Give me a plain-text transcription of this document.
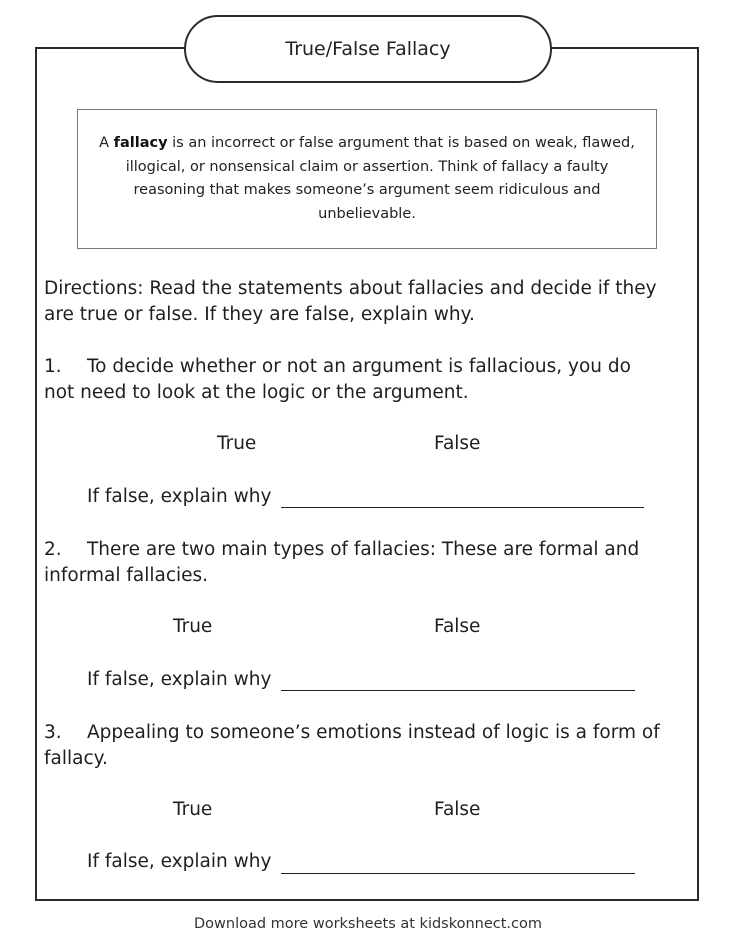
True/False Fallacy
A fallacy is an incorrect or false argument that is based on weak, flawed,
illogical, or nonsensical claim or assertion. Think of fallacy a faulty
reasoning that makes someone’s argument seem ridiculous and
unbelievable.
Directions: Read the statements about fallacies and decide if they
are true or false. If they are false, explain why.
1. To decide whether or not an argument is fallacious, you do
not need to look at the logic or the argument.
True	False
If false, explain why
2. There are two main types of fallacies: These are formal and
informal fallacies.
True	False
If false, explain why
3. Appealing to someone’s emotions instead of logic is a form of
fallacy.
True	False
If false, explain why
Download more worksheets at kidskonnect.com
